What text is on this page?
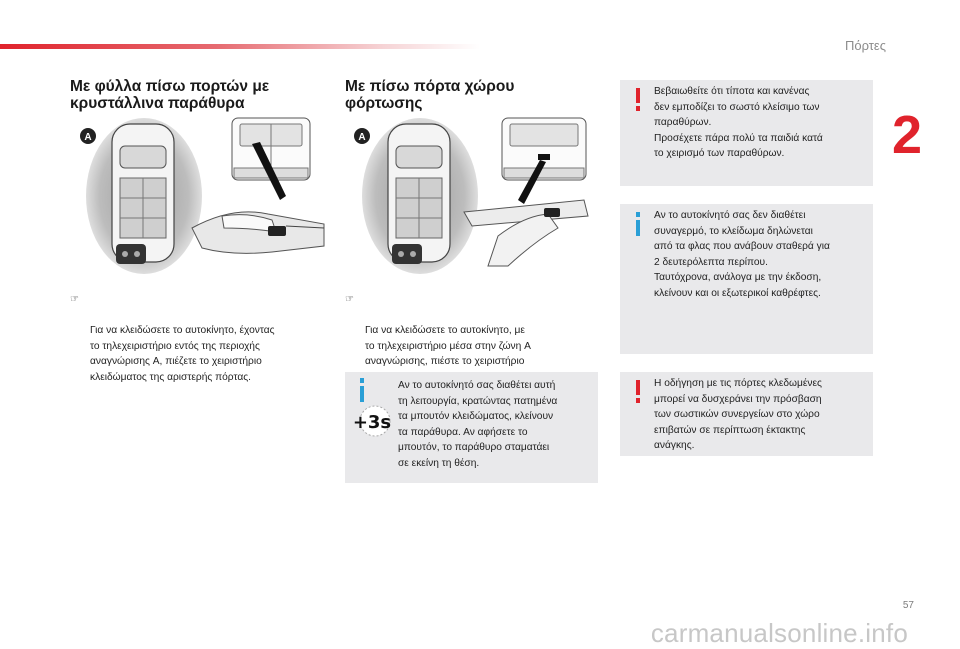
Πόρτες
2
Με φύλλα πίσω πορτών με
κρυστάλλινα παράθυρα
A

☞

Για να κλειδώσετε το αυτοκίνητο, έχοντας
το τηλεχειριστήριο εντός της περιοχής
αναγνώρισης A, πιέζετε το χειριστήριο
κλειδώματος της αριστερής πόρτας.

Με πίσω πόρτα χώρου
φόρτωσης
A

☞

Για να κλειδώσετε το αυτοκίνητο, με
το τηλεχειριστήριο μέσα στην ζώνη A
αναγνώρισης, πιέστε το χειριστήριο

+3s
Αν το αυτοκίνητό σας διαθέτει αυτή
τη λειτουργία, κρατώντας πατημένα
τα μπουτόν κλειδώματος, κλείνουν
τα παράθυρα. Αν αφήσετε το
μπουτόν, το παράθυρο σταματάει
σε εκείνη τη θέση.
Βεβαιωθείτε ότι τίποτα και κανένας
δεν εμποδίζει το σωστό κλείσιμο των
παραθύρων.
Προσέχετε πάρα πολύ τα παιδιά κατά
το χειρισμό των παραθύρων.
Αν το αυτοκίνητό σας δεν διαθέτει
συναγερμό, το κλείδωμα δηλώνεται
από τα φλας που ανάβουν σταθερά για
2 δευτερόλεπτα περίπου.
Ταυτόχρονα, ανάλογα με την έκδοση,
κλείνουν και οι εξωτερικοί καθρέφτες.
Η οδήγηση με τις πόρτες κλεδωμένες
μπορεί να δυσχεράνει την πρόσβαση
των σωστικών συνεργείων στο χώρο
επιβατών σε περίπτωση έκτακτης
ανάγκης.
57
carmanualsonline.info
